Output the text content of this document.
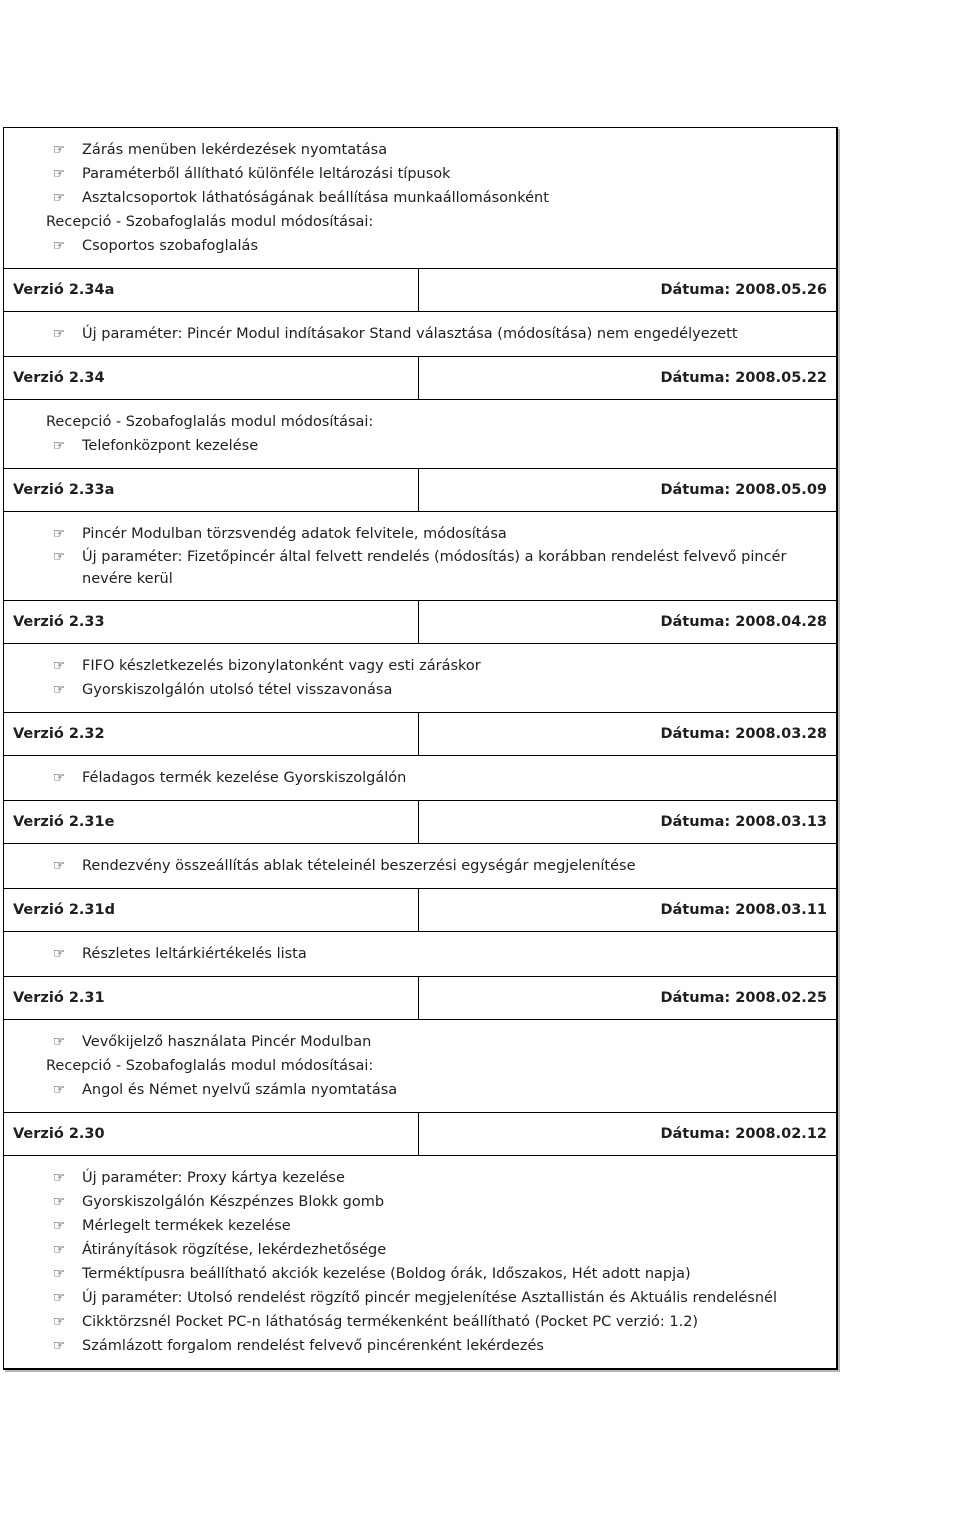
☞	Zárás menüben lekérdezések nyomtatása
☞	Paraméterből állítható különféle leltározási típusok
☞	Asztalcsoportok láthatóságának beállítása munkaállomásonként
Recepció - Szobafoglalás modul módosításai:
☞	Csoportos szobafoglalás
Verzió 2.34a	Dátuma: 2008.05.26
☞	Új paraméter: Pincér Modul indításakor Stand választása (módosítása) nem engedélyezett
Verzió 2.34	Dátuma: 2008.05.22
Recepció - Szobafoglalás modul módosításai:
☞	Telefonközpont kezelése
Verzió 2.33a	Dátuma: 2008.05.09
☞	Pincér Modulban törzsvendég adatok felvitele, módosítása
☞	Új paraméter: Fizetőpincér által felvett rendelés (módosítás) a korábban rendelést felvevő pincér
nevére kerül
Verzió 2.33	Dátuma: 2008.04.28
☞	FIFO készletkezelés bizonylatonként vagy esti záráskor
☞	Gyorskiszolgálón utolsó tétel visszavonása
Verzió 2.32	Dátuma: 2008.03.28
☞	Féladagos termék kezelése Gyorskiszolgálón
Verzió 2.31e	Dátuma: 2008.03.13
☞	Rendezvény összeállítás ablak tételeinél beszerzési egységár megjelenítése
Verzió 2.31d	Dátuma: 2008.03.11
☞	Részletes leltárkiértékelés lista
Verzió 2.31	Dátuma: 2008.02.25
☞	Vevőkijelző használata Pincér Modulban
Recepció - Szobafoglalás modul módosításai:
☞	Angol és Német nyelvű számla nyomtatása
Verzió 2.30	Dátuma: 2008.02.12
☞	Új paraméter: Proxy kártya kezelése
☞	Gyorskiszolgálón Készpénzes Blokk gomb
☞	Mérlegelt termékek kezelése
☞	Átirányítások rögzítése, lekérdezhetősége
☞	Terméktípusra beállítható akciók kezelése (Boldog órák, Időszakos, Hét adott napja)
☞	Új paraméter: Utolsó rendelést rögzítő pincér megjelenítése Asztallistán és Aktuális rendelésnél
☞	Cikktörzsnél Pocket PC-n láthatóság termékenként beállítható (Pocket PC verzió: 1.2)
☞	Számlázott forgalom rendelést felvevő pincérenként lekérdezés
